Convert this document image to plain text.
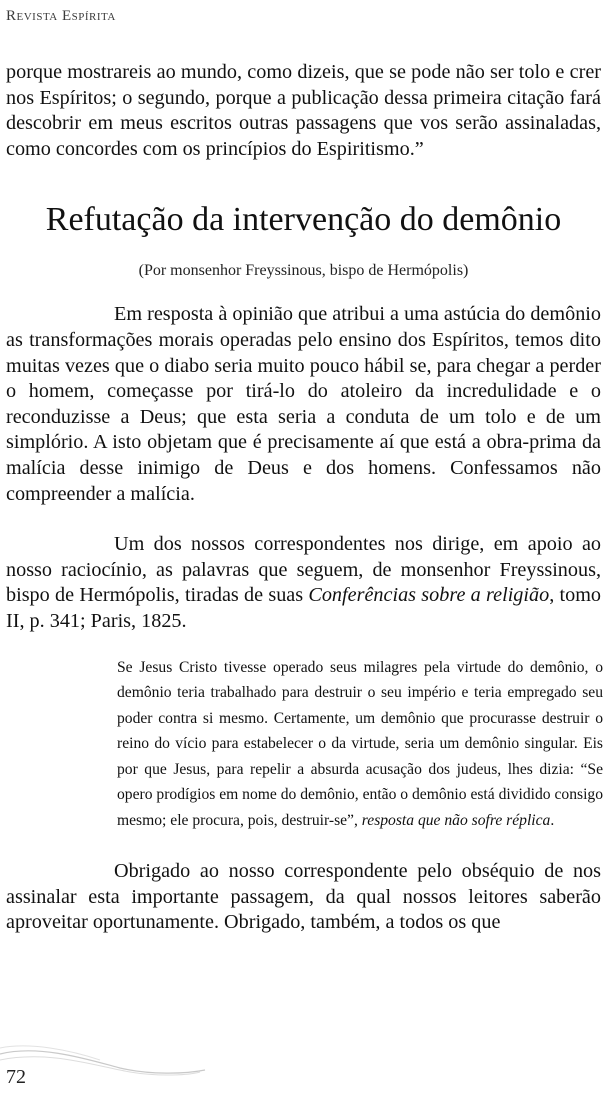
Revista Espírita

porque mostrareis ao mundo, como dizeis, que se pode não ser tolo e crer nos Espíritos; o segundo, porque a publicação dessa primeira citação fará descobrir em meus escritos outras passagens que vos serão assinaladas, como concordes com os princípios do Espiritismo.”

Refutação da intervenção do demônio

(Por monsenhor Freyssinous, bispo de Hermópolis)

Em resposta à opinião que atribui a uma astúcia do demônio as transformações morais operadas pelo ensino dos Espíritos, temos dito muitas vezes que o diabo seria muito pouco hábil se, para chegar a perder o homem, começasse por tirá-lo do atoleiro da incredulidade e o reconduzisse a Deus; que esta seria a conduta de um tolo e de um simplório. A isto objetam que é precisamente aí que está a obra-prima da malícia desse inimigo de Deus e dos homens. Confessamos não compreender a malícia.

Um dos nossos correspondentes nos dirige, em apoio ao nosso raciocínio, as palavras que seguem, de monsenhor Freyssinous, bispo de Hermópolis, tiradas de suas Conferências sobre a religião, tomo II, p. 341; Paris, 1825.

Se Jesus Cristo tivesse operado seus milagres pela virtude do demônio, o demônio teria trabalhado para destruir o seu império e teria empregado seu poder contra si mesmo. Certamente, um demônio que procurasse destruir o reino do vício para estabelecer o da virtude, seria um demônio singular. Eis por que Jesus, para repelir a absurda acusação dos judeus, lhes dizia: “Se opero prodígios em nome do demônio, então o demônio está dividido consigo mesmo; ele procura, pois, destruir-se”, resposta que não sofre réplica.

Obrigado ao nosso correspondente pelo obséquio de nos assinalar esta importante passagem, da qual nossos leitores saberão aproveitar oportunamente. Obrigado, também, a todos os que

72
